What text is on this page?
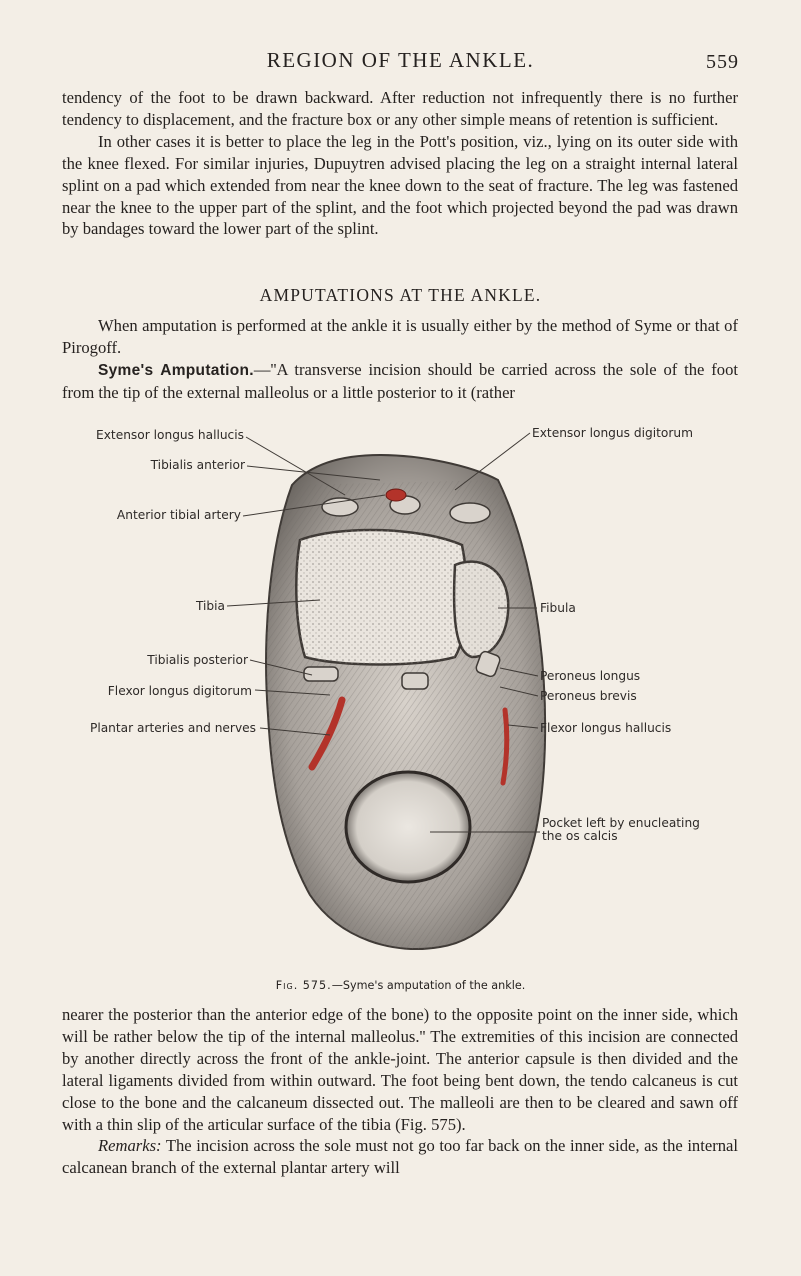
REGION OF THE ANKLE.	559

tendency of the foot to be drawn backward. After reduction not infrequently there is no further tendency to displacement, and the fracture box or any other simple means of retention is sufficient.

In other cases it is better to place the leg in the Pott's position, viz., lying on its outer side with the knee flexed. For similar injuries, Dupuytren advised placing the leg on a straight internal lateral splint on a pad which extended from near the knee down to the seat of fracture. The leg was fastened near the knee to the upper part of the splint, and the foot which projected beyond the pad was drawn by bandages toward the lower part of the splint.

AMPUTATIONS AT THE ANKLE.

When amputation is performed at the ankle it is usually either by the method of Syme or that of Pirogoff.

Syme's Amputation.—''A transverse incision should be carried across the sole of the foot from the tip of the external malleolus or a little posterior to it (rather

Extensor longus hallucis
Tibialis anterior
Anterior tibial artery
Tibia
Tibialis posterior
Flexor longus digitorum
Plantar arteries and nerves
Extensor longus digitorum
Fibula
Peroneus longus
Peroneus brevis
Flexor longus hallucis
Pocket left by enucleating
the os calcis
Fig. 575.—Syme's amputation of the ankle.

nearer the posterior than the anterior edge of the bone) to the opposite point on the inner side, which will be rather below the tip of the internal malleolus.'' The extremities of this incision are connected by another directly across the front of the ankle-joint. The anterior capsule is then divided and the lateral ligaments divided from within outward. The foot being bent down, the tendo calcaneus is cut close to the bone and the calcaneum dissected out. The malleoli are then to be cleared and sawn off with a thin slip of the articular surface of the tibia (Fig. 575).

Remarks: The incision across the sole must not go too far back on the inner side, as the internal calcanean branch of the external plantar artery will
